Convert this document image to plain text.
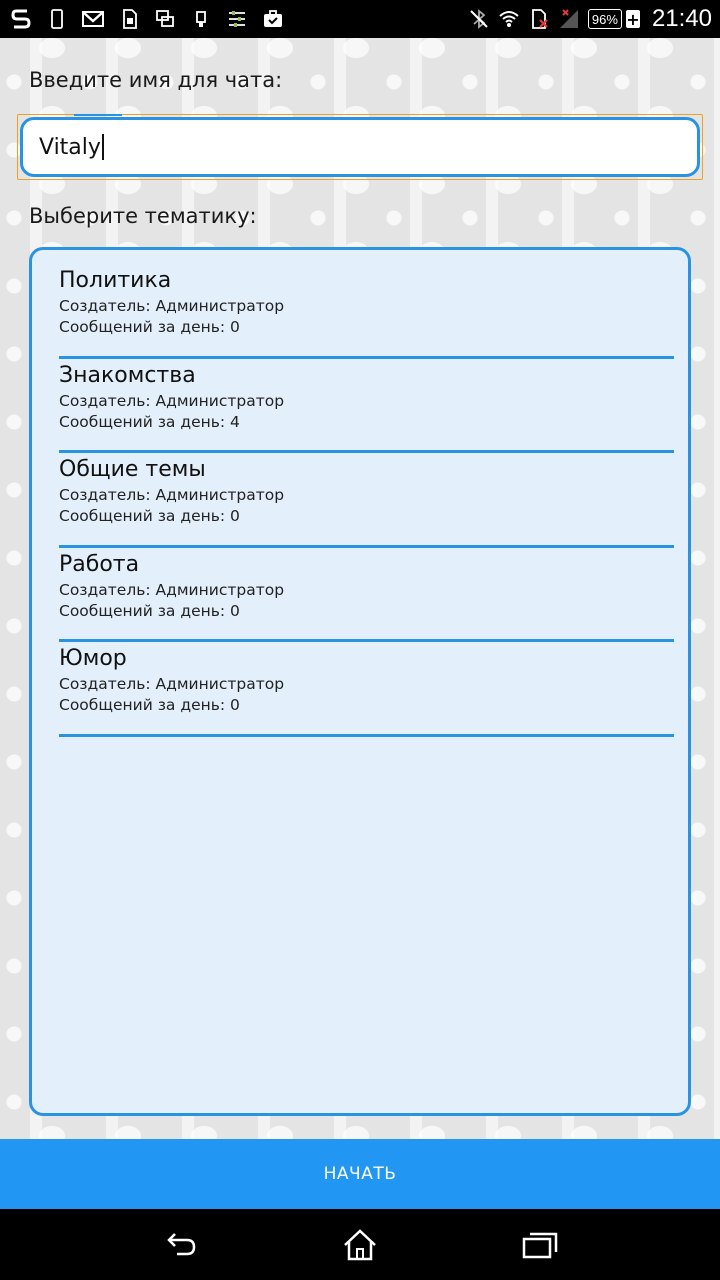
96% + 21:40
Введите имя для чата:
Vitaly
Выберите тематику:
Политика
Создатель: Администратор
Сообщений за день: 0
Знакомства
Создатель: Администратор
Сообщений за день: 4
Общие темы
Создатель: Администратор
Сообщений за день: 0
Работа
Создатель: Администратор
Сообщений за день: 0
Юмор
Создатель: Администратор
Сообщений за день: 0
НАЧАТЬ
